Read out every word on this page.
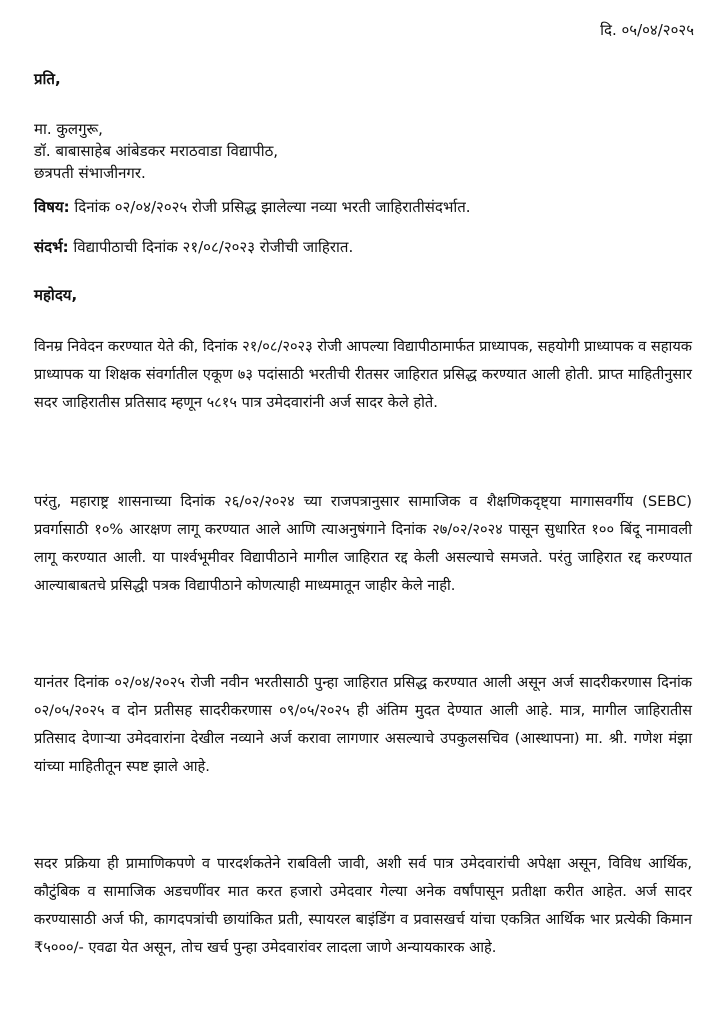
दि. ०५/०४/२०२५

प्रति,

मा. कुलगुरू,

डॉ. बाबासाहेब आंबेडकर मराठवाडा विद्यापीठ,

छत्रपती संभाजीनगर.

विषय: दिनांक ०२/०४/२०२५ रोजी प्रसिद्ध झालेल्या नव्या भरती जाहिरातीसंदर्भात.
संदर्भ: विद्यापीठाची दिनांक २१/०८/२०२३ रोजीची जाहिरात.
महोदय,

विनम्र निवेदन करण्यात येते की, दिनांक २१/०८/२०२३ रोजी आपल्या विद्यापीठामार्फत प्राध्यापक, सहयोगी प्राध्यापक व सहायक प्राध्यापक या शिक्षक संवर्गातील एकूण ७३ पदांसाठी भरतीची रीतसर जाहिरात प्रसिद्ध करण्यात आली होती. प्राप्त माहितीनुसार सदर जाहिरातीस प्रतिसाद म्हणून ५८१५ पात्र उमेदवारांनी अर्ज सादर केले होते.

परंतु, महाराष्ट्र शासनाच्या दिनांक २६/०२/२०२४ च्या राजपत्रानुसार सामाजिक व शैक्षणिकदृष्ट्या मागासवर्गीय (SEBC) प्रवर्गासाठी १०% आरक्षण लागू करण्यात आले आणि त्याअनुषंगाने दिनांक २७/०२/२०२४ पासून सुधारित १०० बिंदू नामावली लागू करण्यात आली. या पार्श्वभूमीवर विद्यापीठाने मागील जाहिरात रद्द केली असल्याचे समजते. परंतु जाहिरात रद्द करण्यात आल्याबाबतचे प्रसिद्धी पत्रक विद्यापीठाने कोणत्याही माध्यमातून जाहीर केले नाही.

यानंतर दिनांक ०२/०४/२०२५ रोजी नवीन भरतीसाठी पुन्हा जाहिरात प्रसिद्ध करण्यात आली असून अर्ज सादरीकरणास दिनांक ०२/०५/२०२५ व दोन प्रतीसह सादरीकरणास ०९/०५/२०२५ ही अंतिम मुदत देण्यात आली आहे. मात्र, मागील जाहिरातीस प्रतिसाद देणाऱ्या उमेदवारांना देखील नव्याने अर्ज करावा लागणार असल्याचे उपकुलसचिव (आस्थापना) मा. श्री. गणेश मंझा यांच्या माहितीतून स्पष्ट झाले आहे.

सदर प्रक्रिया ही प्रामाणिकपणे व पारदर्शकतेने राबविली जावी, अशी सर्व पात्र उमेदवारांची अपेक्षा असून, विविध आर्थिक, कौटुंबिक व सामाजिक अडचणींवर मात करत हजारो उमेदवार गेल्या अनेक वर्षांपासून प्रतीक्षा करीत आहेत. अर्ज सादर करण्यासाठी अर्ज फी, कागदपत्रांची छायांकित प्रती, स्पायरल बाइंडिंग व प्रवासखर्च यांचा एकत्रित आर्थिक भार प्रत्येकी किमान ₹५०००/- एवढा येत असून, तोच खर्च पुन्हा उमेदवारांवर लादला जाणे अन्यायकारक आहे.
